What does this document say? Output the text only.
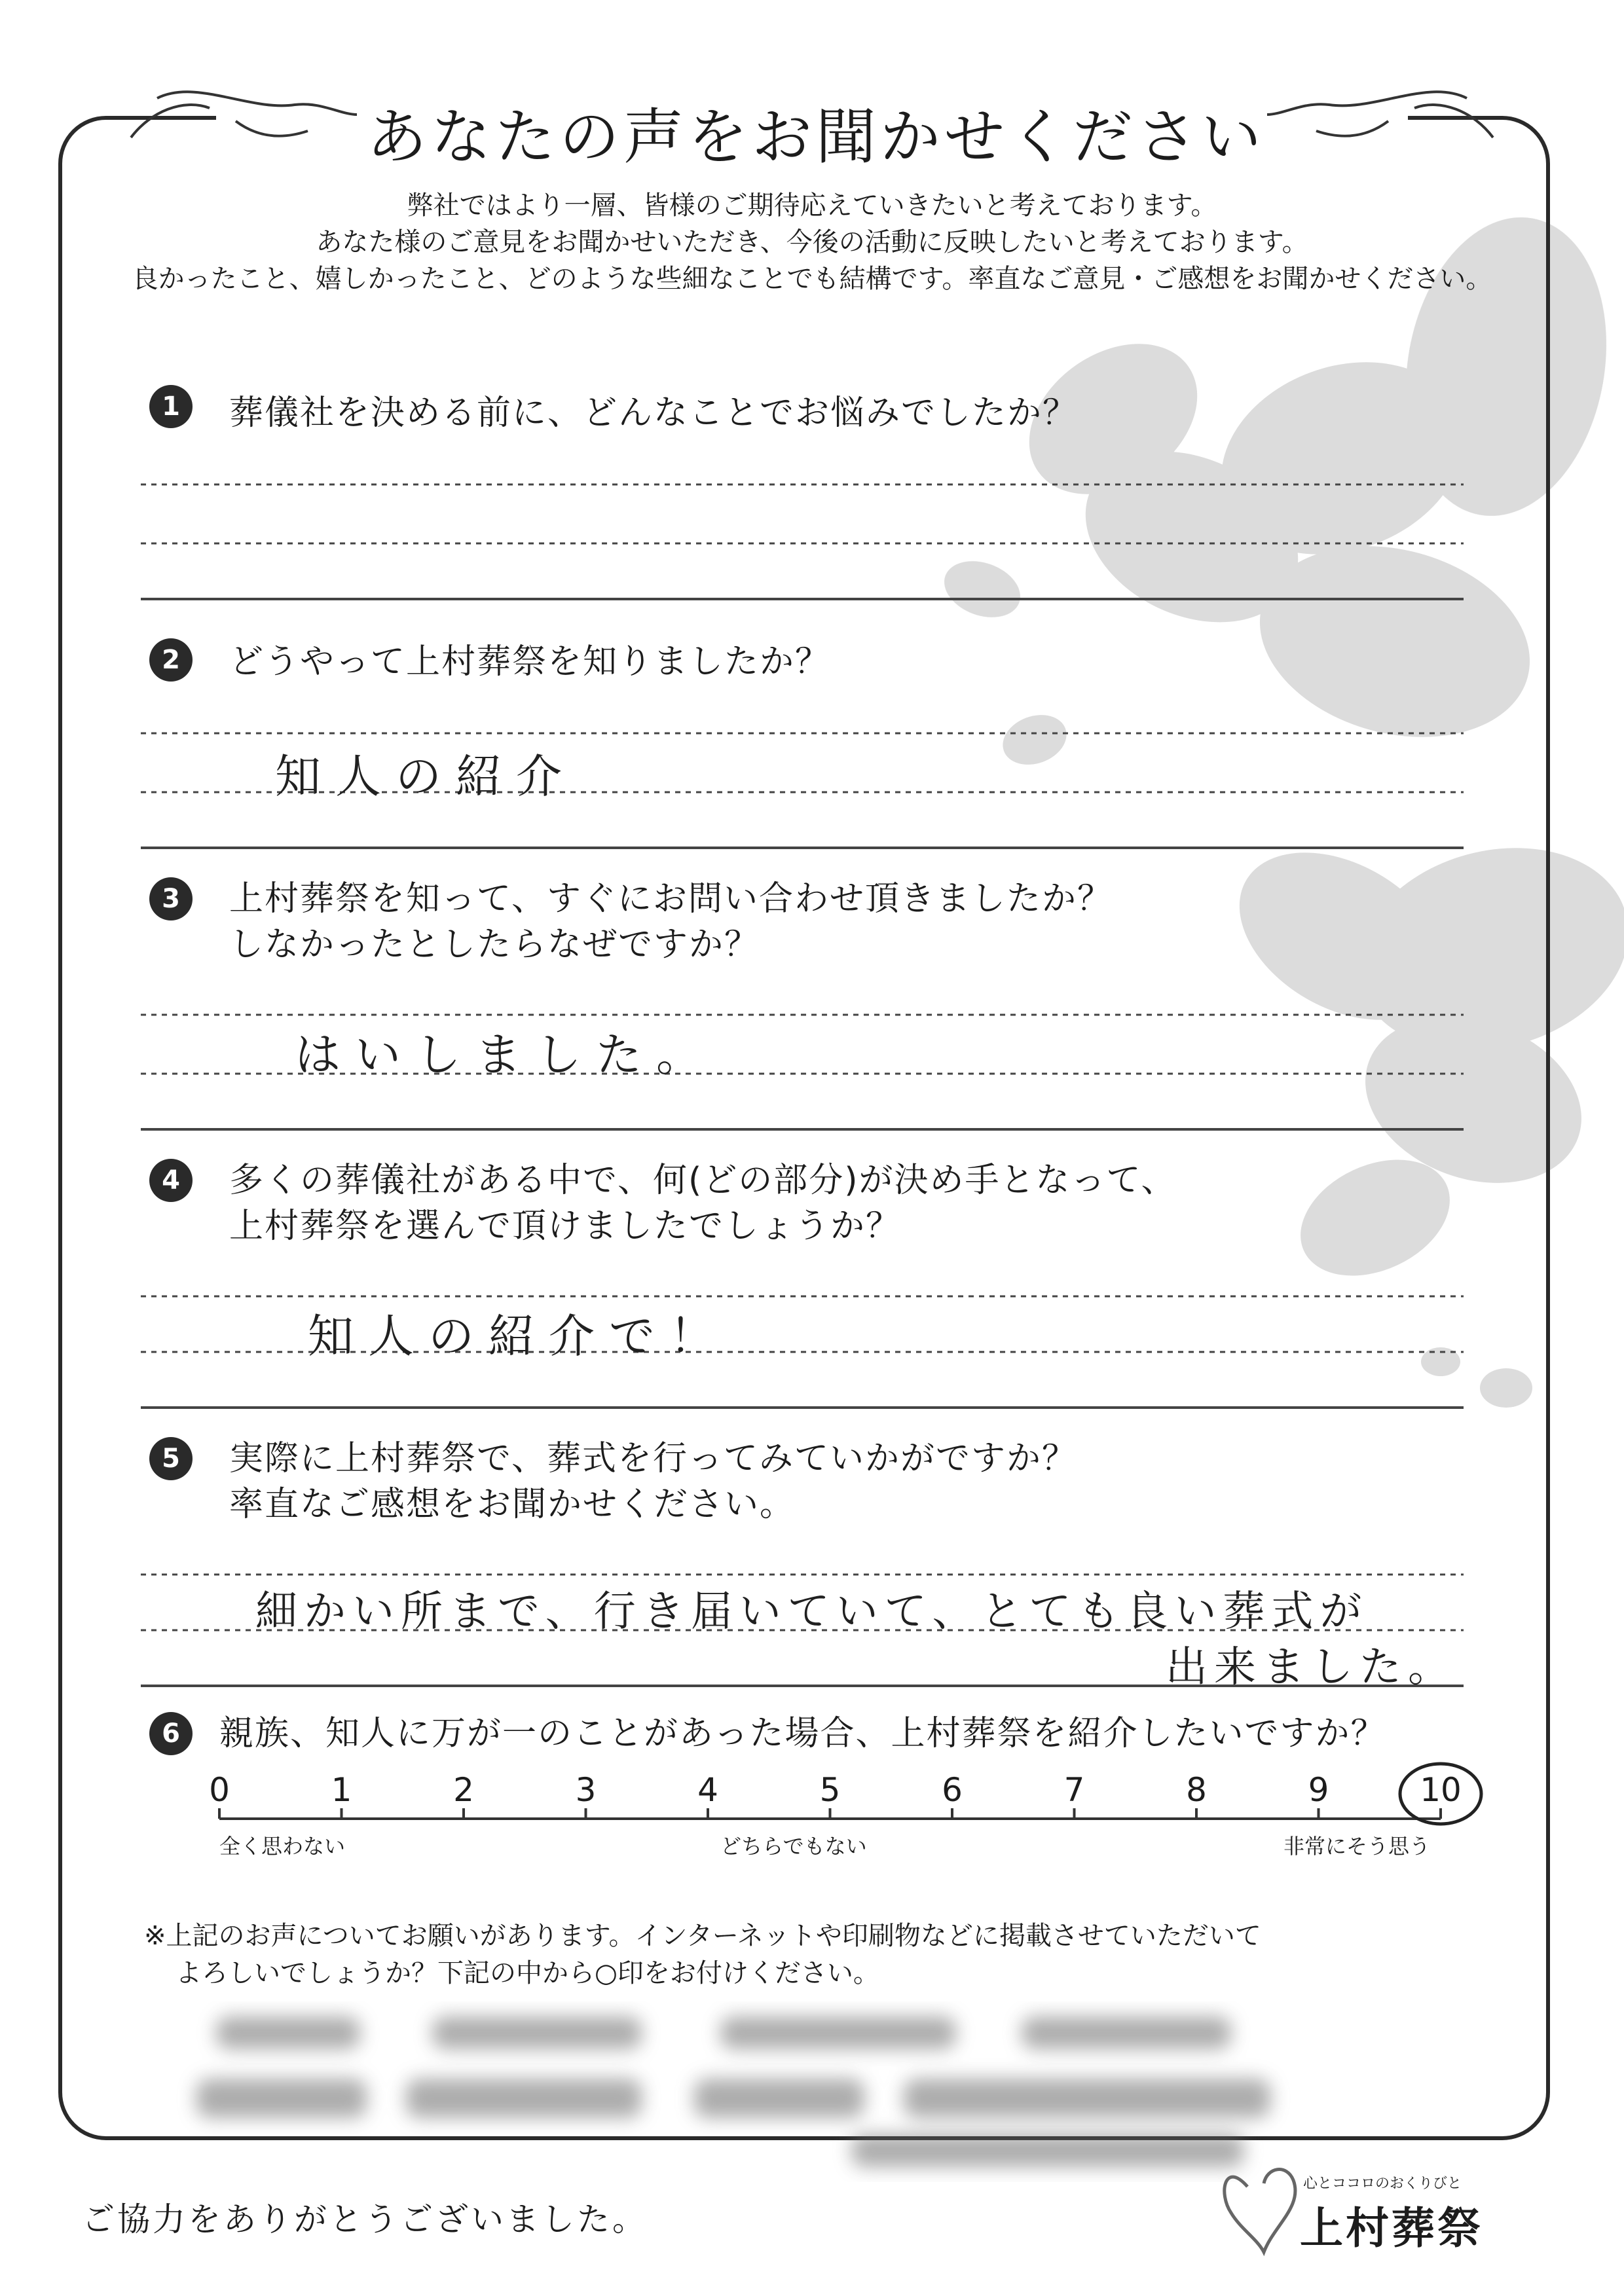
あなたの声をお聞かせください
弊社ではより一層、皆様のご期待応えていきたいと考えております。
あなた様のご意見をお聞かせいただき、今後の活動に反映したいと考えております。
良かったこと、嬉しかったこと、どのような些細なことでも結構です。率直なご意見・ご感想をお聞かせください。
1	葬儀社を決める前に、どんなことでお悩みでしたか？
2	どうやって上村葬祭を知りましたか？
知人の紹介
3	上村葬祭を知って、すぐにお問い合わせ頂きましたか？
しなかったとしたらなぜですか？
はいしました。
4	多くの葬儀社がある中で、何(どの部分)が決め手となって、
上村葬祭を選んで頂けましたでしょうか？
知人の紹介で！
5	実際に上村葬祭で、葬式を行ってみていかがですか？
率直なご感想をお聞かせください。
細かい所まで、行き届いていて、とても良い葬式が
出来ました。
6	親族、知人に万が一のことがあった場合、上村葬祭を紹介したいですか？
0	1	2	3	4	5	6	7	8	9	10
全く思わない	どちらでもない	非常にそう思う
※上記のお声についてお願いがあります。インターネットや印刷物などに掲載させていただいて
よろしいでしょうか？下記の中から○印をお付けください。
ご協力をありがとうございました。
心とココロのおくりびと
上村葬祭
